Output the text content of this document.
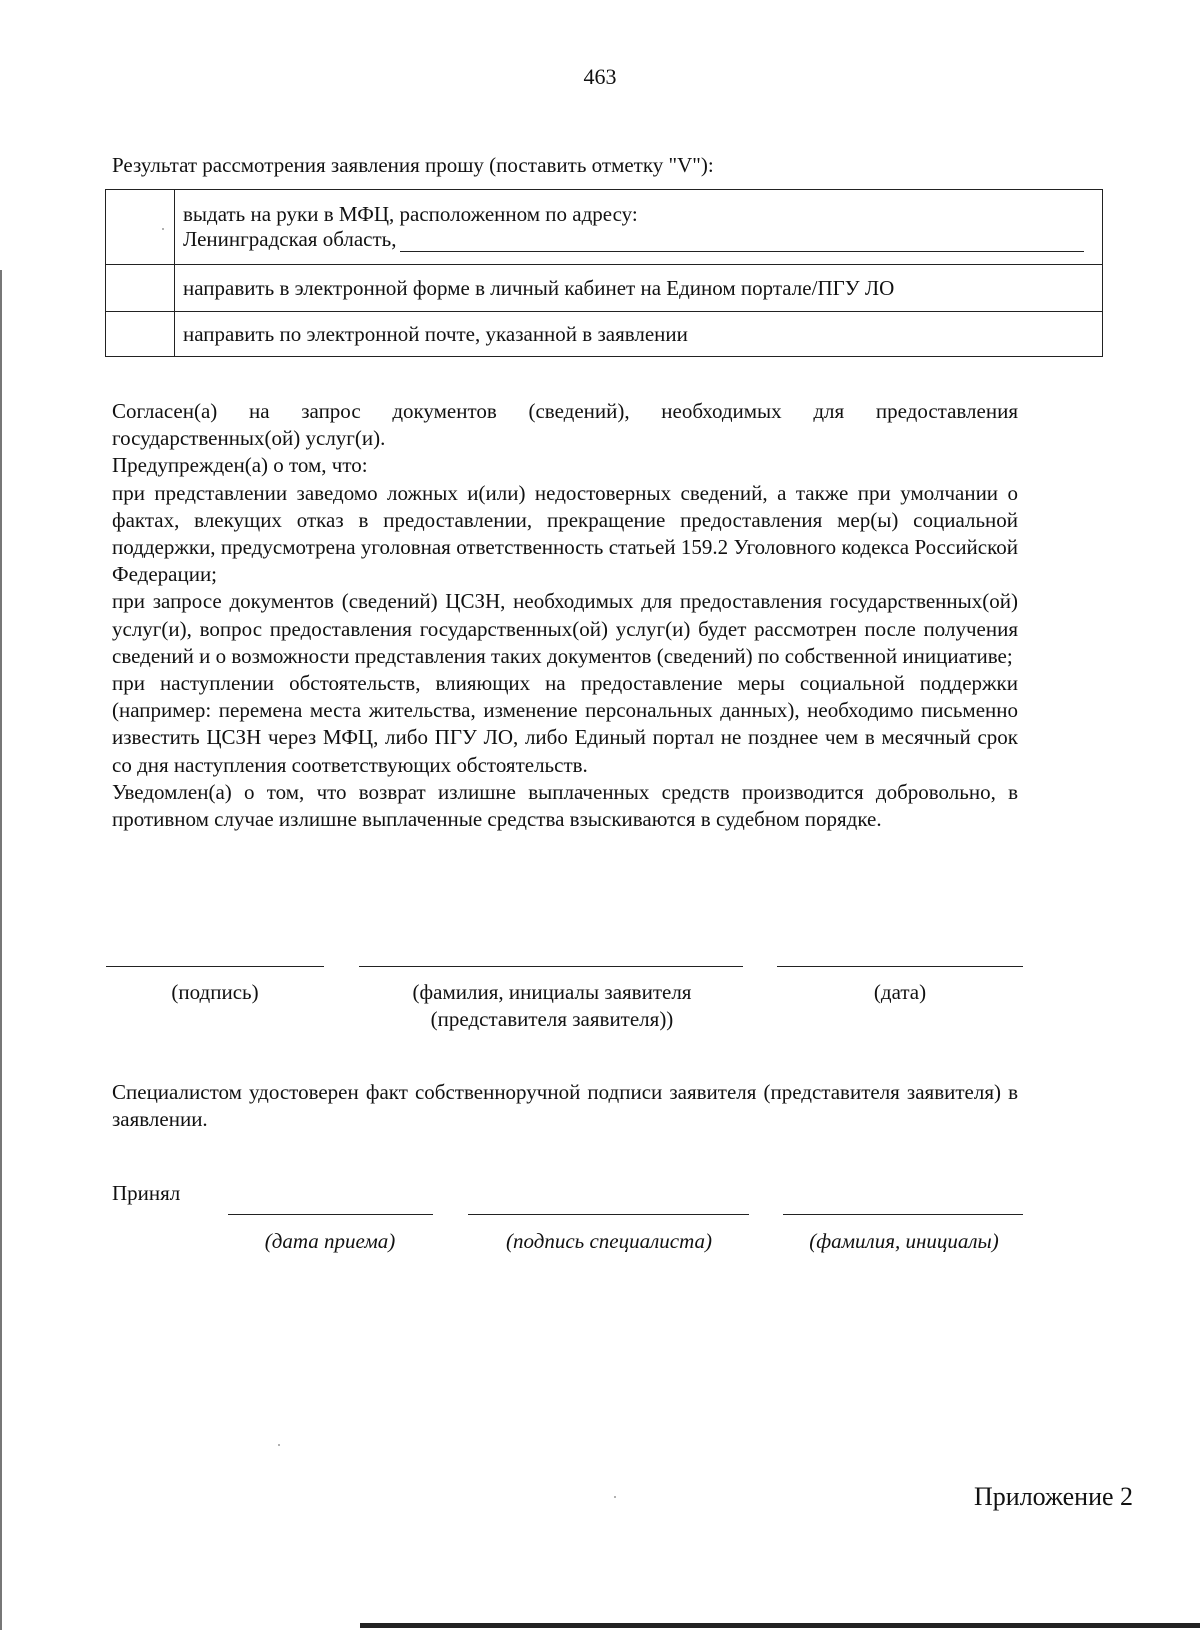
463
Результат рассмотрения заявления прошу (поставить отметку "V"):

	выдать на руки в МФЦ, расположенном по адресу:
Ленинградская область,

	направить в электронной форме в личный кабинет на Едином портале/ПГУ ЛО
	направить по электронной почте, указанной в заявлении

Согласен(а) на запрос документов (сведений), необходимых для предоставления государственных(ой) услуг(и).

Предупрежден(а) о том, что:

при представлении заведомо ложных и(или) недостоверных сведений, а также при умолчании о фактах, влекущих отказ в предоставлении, прекращение предоставления мер(ы) социальной поддержки, предусмотрена уголовная ответственность статьей 159.2 Уголовного кодекса Российской Федерации;

при запросе документов (сведений) ЦСЗН, необходимых для предоставления государственных(ой) услуг(и), вопрос предоставления государственных(ой) услуг(и) будет рассмотрен после получения сведений и о возможности представления таких документов (сведений) по собственной инициативе;

при наступлении обстоятельств, влияющих на предоставление меры социальной поддержки (например: перемена места жительства, изменение персональных данных), необходимо письменно известить ЦСЗН через МФЦ, либо ПГУ ЛО, либо Единый портал не позднее чем в месячный срок со дня наступления соответствующих обстоятельств.

Уведомлен(а) о том, что возврат излишне выплаченных средств производится добровольно, в противном случае излишне выплаченные средства взыскиваются в судебном порядке.

(подпись)	(фамилия, инициалы заявителя
(представителя заявителя))
(дата)
Специалистом удостоверен факт собственноручной подписи заявителя (представителя заявителя) в заявлении.
Принял
(дата приема)	(подпись специалиста)	(фамилия, инициалы)
Приложение 2
